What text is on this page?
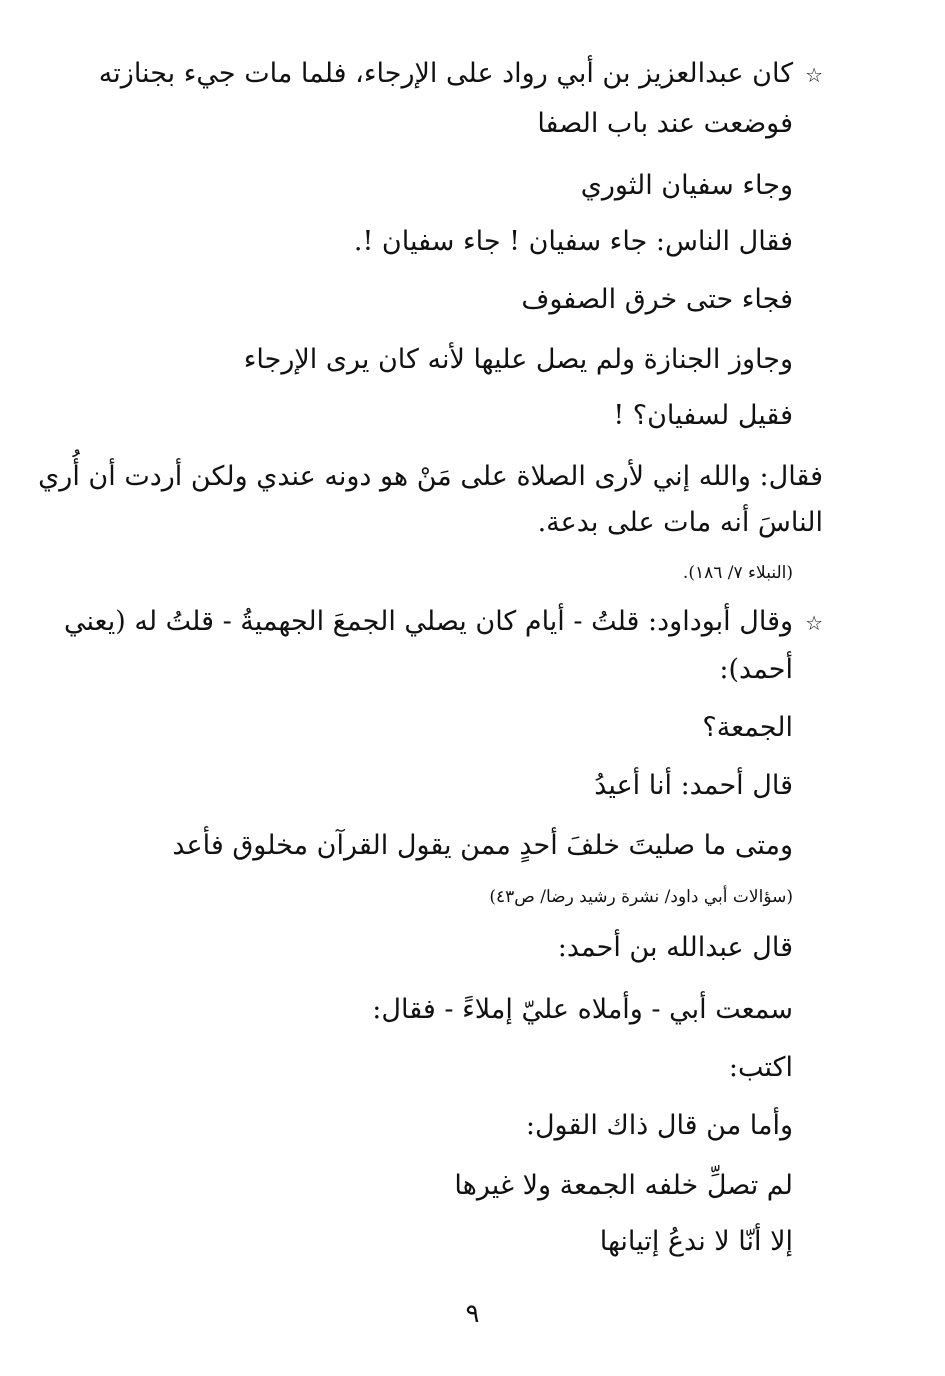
☆كان عبدالعزيز بن أبي رواد على الإرجاء، فلما مات جيء بجنازته
فوضعت عند باب الصفا
وجاء سفيان الثوري
فقال الناس: جاء سفيان ! جاء سفيان !.
فجاء حتى خرق الصفوف
وجاوز الجنازة ولم يصل عليها لأنه كان يرى الإرجاء
فقيل لسفيان؟ !
فقال: والله إني لأرى الصلاة على مَنْ هو دونه عندي ولكن أردت أن أُري
الناسَ أنه مات على بدعة.
(النبلاء ٧/ ١٨٦).
☆وقال أبوداود: قلتُ - أيام كان يصلي الجمعَ الجهميةُ - قلتُ له (يعني
أحمد):
الجمعة؟
قال أحمد: أنا أعيدُ
ومتى ما صليتَ خلفَ أحدٍ ممن يقول القرآن مخلوق فأعد
(سؤالات أبي داود/ نشرة رشيد رضا/ ص٤٣)
قال عبدالله بن أحمد:
سمعت أبي - وأملاه عليّ إملاءً - فقال:
اكتب:
وأما من قال ذاك القول:
لم تصلِّ خلفه الجمعة ولا غيرها
إلا أنّا لا ندعُ إتيانها
٩
